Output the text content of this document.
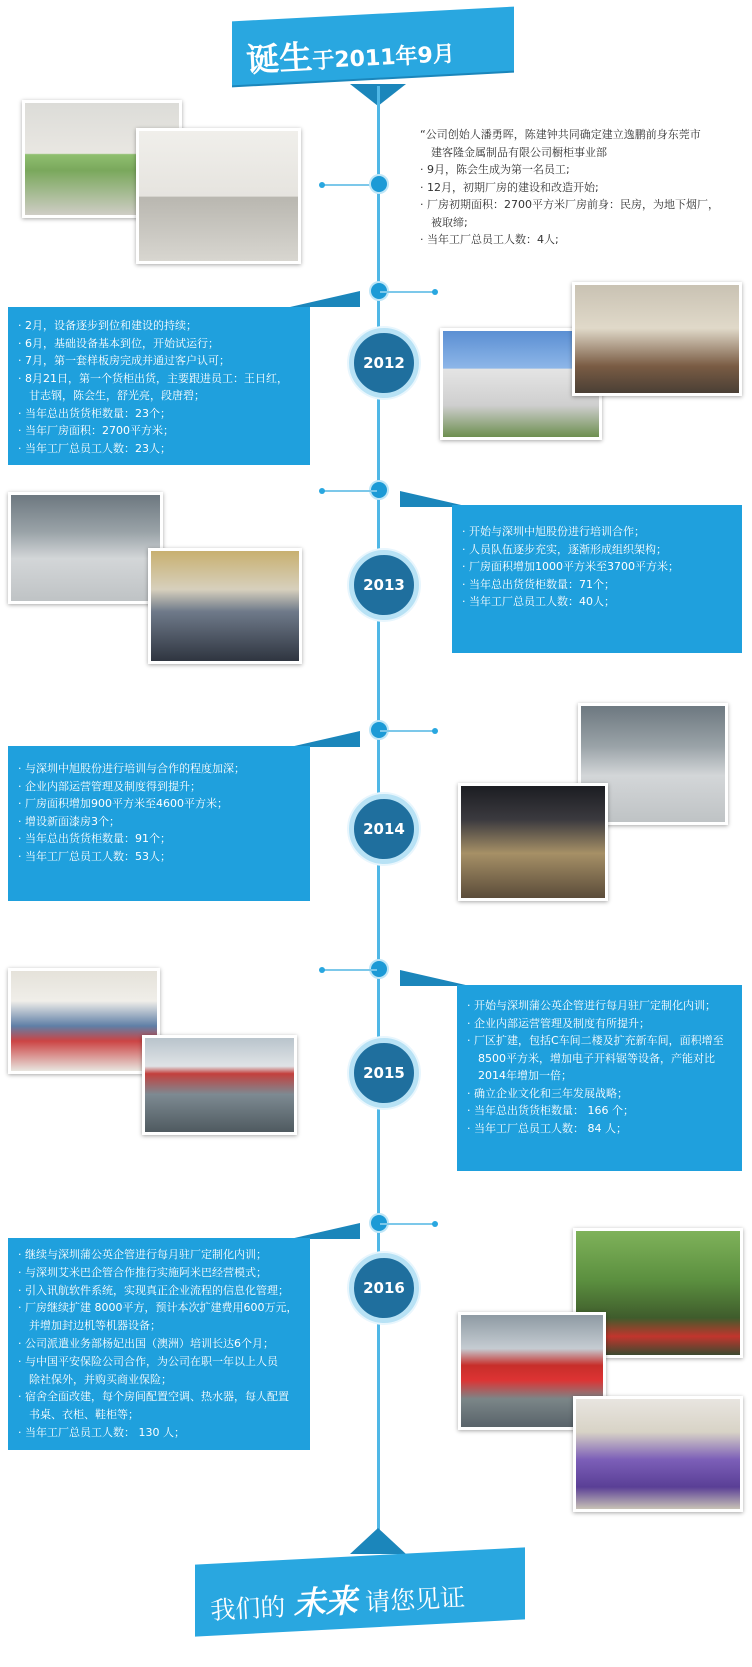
诞生于2011年9月
“公司创始人潘勇晖，陈建钟共同确定建立逸鹏前身东莞市
建客隆金属制品有限公司橱柜事业部
· 9月，陈会生成为第一名员工;
· 12月，初期厂房的建设和改造开始;
· 厂房初期面积：2700平方米厂房前身：民房，为地下烟厂，
被取缔;
· 当年工厂总员工人数：4人;
· 2月，设备逐步到位和建设的持续；
· 6月，基础设备基本到位，开始试运行；
· 7月，第一套样板房完成并通过客户认可；
· 8月21日，第一个货柜出货，主要跟进员工：王日红，
甘志钢，陈会生，舒光亮，段唐碧；
· 当年总出货货柜数量：23个；
· 当年厂房面积：2700平方米；
· 当年工厂总员工人数：23人；
2012
· 开始与深圳中旭股份进行培训合作；
· 人员队伍逐步充实，逐渐形成组织架构；
· 厂房面积增加1000平方米至3700平方米；
· 当年总出货货柜数量：71个；
· 当年工厂总员工人数：40人；
2013
· 与深圳中旭股份进行培训与合作的程度加深；
· 企业内部运营管理及制度得到提升；
· 厂房面积增加900平方米至4600平方米；
· 增设新面漆房3个；
· 当年总出货货柜数量：91个；
· 当年工厂总员工人数：53人；
2014
· 开始与深圳蒲公英企管进行每月驻厂定制化内训；
· 企业内部运营管理及制度有所提升；
· 厂区扩建，包括C车间二楼及扩充新车间，面积增至
8500平方米，增加电子开料锯等设备，产能对比
2014年增加一倍；
· 确立企业文化和三年发展战略；
· 当年总出货货柜数量： 166 个；
· 当年工厂总员工人数： 84 人；
2015
· 继续与深圳蒲公英企管进行每月驻厂定制化内训；
· 与深圳艾米巴企管合作推行实施阿米巴经营模式；
· 引入讯航软件系统，实现真正企业流程的信息化管理；
· 厂房继续扩建 8000平方，预计本次扩建费用600万元，
并增加封边机等机器设备；
· 公司派遣业务部杨妃出国（澳洲）培训长达6个月；
· 与中国平安保险公司合作，为公司在职一年以上人员
除社保外，并购买商业保险；
· 宿舍全面改建，每个房间配置空调、热水器，每人配置
书桌、衣柜、鞋柜等；
· 当年工厂总员工人数： 130 人；
2016
我们的 未来 请您见证
